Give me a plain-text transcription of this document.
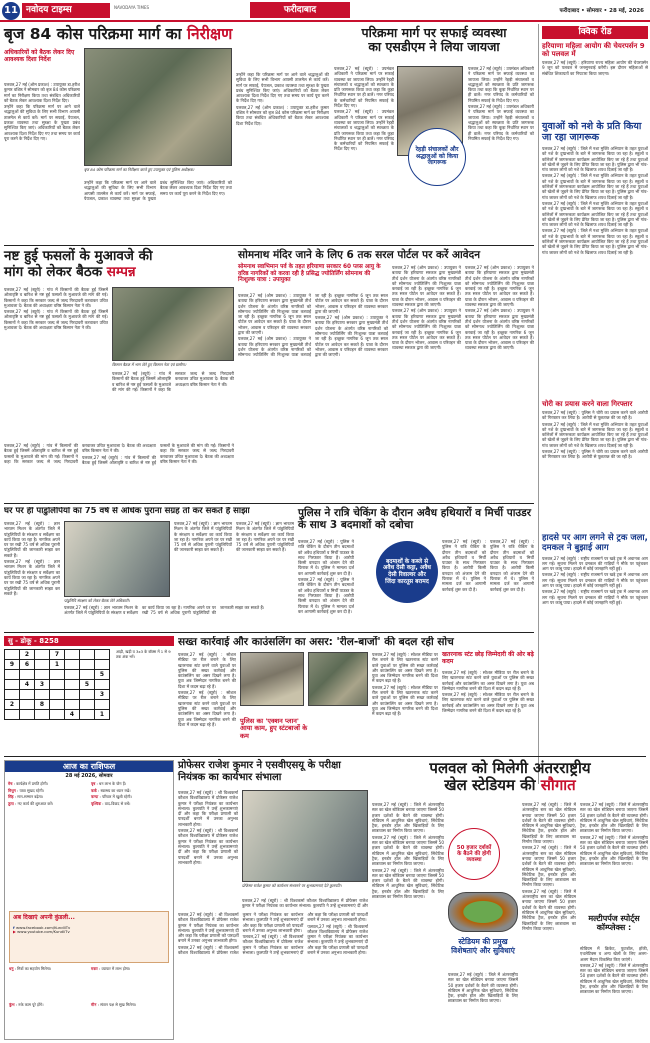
11 नवोदय टाइम्स	NAVODAYA TIMES	फरीदाबाद	फरीदाबाद • सोमवार • 28 मई, 2026
बृज 84 कोस परिक्रमा मार्ग का निरीक्षण
अधिकारियों को बैठक लेकर दिए आवश्यक दिशा निर्देश

पलवल,27 मई (ओम प्रकाश) : उपायुक्त डा.हरीश कुमार वशिष्ठ ने सोमवार को बृज 84 कोस परिक्रमा मार्ग का निरीक्षण किया तथा संबंधित अधिकारियों को बैठक लेकर आवश्यक दिशा निर्देश दिए।

उन्होंने कहा कि परिक्रमा मार्ग पर आने वाले श्रद्धालुओं की सुविधा के लिए सभी विभाग आपसी तालमेल से कार्य करें। मार्ग पर सफाई, पेयजल, प्रकाश व्यवस्था तथा सुरक्षा के पुख्ता प्रबंध सुनिश्चित किए जाएं। अधिकारियों को बैठक लेकर आवश्यक दिशा निर्देश दिए गए तथा समय पर कार्य पूरा करने के निर्देश दिए गए।

बृज 84 कोस परिक्रमा मार्ग का निरीक्षण करते हुए उपायुक्त एवं पुलिस अधीक्षक।

उन्होंने कहा कि परिक्रमा मार्ग पर आने वाले श्रद्धालुओं की सुविधा के लिए सभी विभाग आपसी तालमेल से कार्य करें। मार्ग पर सफाई, पेयजल, प्रकाश व्यवस्था तथा सुरक्षा के पुख्ता प्रबंध सुनिश्चित किए जाएं। अधिकारियों को बैठक लेकर आवश्यक दिशा निर्देश दिए गए तथा समय पर कार्य पूरा करने के निर्देश दिए गए।

उन्होंने कहा कि परिक्रमा मार्ग पर आने वाले श्रद्धालुओं की सुविधा के लिए सभी विभाग आपसी तालमेल से कार्य करें। मार्ग पर सफाई, पेयजल, प्रकाश व्यवस्था तथा सुरक्षा के पुख्ता प्रबंध सुनिश्चित किए जाएं। अधिकारियों को बैठक लेकर आवश्यक दिशा निर्देश दिए गए तथा समय पर कार्य पूरा करने के निर्देश दिए गए।

पलवल,27 मई (ओम प्रकाश) : उपायुक्त डा.हरीश कुमार वशिष्ठ ने सोमवार को बृज 84 कोस परिक्रमा मार्ग का निरीक्षण किया तथा संबंधित अधिकारियों को बैठक लेकर आवश्यक दिशा निर्देश दिए।

परिक्रमा मार्ग पर सफाई व्यवस्था
का एसडीएम ने लिया जायजा

पलवल,27 मई (ब्यूरो) : उपमंडल अधिकारी ने परिक्रमा मार्ग पर सफाई व्यवस्था का जायजा लिया। उन्होंने रेहड़ी संचालकों व श्रद्धालुओं को स्वच्छता के प्रति जागरूक किया तथा कहा कि कूड़ा निर्धारित स्थान पर ही डालें। नगर परिषद के कर्मचारियों को नियमित सफाई के निर्देश दिए गए।

पलवल,27 मई (ब्यूरो) : उपमंडल अधिकारी ने परिक्रमा मार्ग पर सफाई व्यवस्था का जायजा लिया। उन्होंने रेहड़ी संचालकों व श्रद्धालुओं को स्वच्छता के प्रति जागरूक किया तथा कहा कि कूड़ा निर्धारित स्थान पर ही डालें। नगर परिषद के कर्मचारियों को नियमित सफाई के निर्देश दिए गए।	रेहड़ी संचालकों और श्रद्धालुओं को किया जागरूक

पलवल,27 मई (ब्यूरो) : उपमंडल अधिकारी ने परिक्रमा मार्ग पर सफाई व्यवस्था का जायजा लिया। उन्होंने रेहड़ी संचालकों व श्रद्धालुओं को स्वच्छता के प्रति जागरूक किया तथा कहा कि कूड़ा निर्धारित स्थान पर ही डालें। नगर परिषद के कर्मचारियों को नियमित सफाई के निर्देश दिए गए।

पलवल,27 मई (ब्यूरो) : उपमंडल अधिकारी ने परिक्रमा मार्ग पर सफाई व्यवस्था का जायजा लिया। उन्होंने रेहड़ी संचालकों व श्रद्धालुओं को स्वच्छता के प्रति जागरूक किया तथा कहा कि कूड़ा निर्धारित स्थान पर ही डालें। नगर परिषद के कर्मचारियों को नियमित सफाई के निर्देश दिए गए।

क्विक रीड
हरियाणा महिला आयोग की चेयरपर्सन 9 को पलवल में
पलवल,27 मई (ब्यूरो) : हरियाणा राज्य महिला आयोग की चेयरपर्सन 9 जून को पलवल में जनसुनवाई करेंगी। इस दौरान महिलाओं से संबंधित शिकायतों का निपटारा किया जाएगा।
युवाओं को नशे के प्रति किया जा रहा जागरूक

पलवल,27 मई (ब्यूरो) : जिले में नशा मुक्ति अभियान के तहत युवाओं को नशे के दुष्प्रभावों के बारे में जागरूक किया जा रहा है। स्कूलों व कॉलेजों में जागरूकता कार्यक्रम आयोजित किए जा रहे हैं तथा युवाओं को खेलों से जुड़ने के लिए प्रेरित किया जा रहा है। पुलिस द्वारा भी गांव-गांव जाकर लोगों को नशे के खिलाफ शपथ दिलाई जा रही है।

पलवल,27 मई (ब्यूरो) : जिले में नशा मुक्ति अभियान के तहत युवाओं को नशे के दुष्प्रभावों के बारे में जागरूक किया जा रहा है। स्कूलों व कॉलेजों में जागरूकता कार्यक्रम आयोजित किए जा रहे हैं तथा युवाओं को खेलों से जुड़ने के लिए प्रेरित किया जा रहा है। पुलिस द्वारा भी गांव-गांव जाकर लोगों को नशे के खिलाफ शपथ दिलाई जा रही है।

पलवल,27 मई (ब्यूरो) : जिले में नशा मुक्ति अभियान के तहत युवाओं को नशे के दुष्प्रभावों के बारे में जागरूक किया जा रहा है। स्कूलों व कॉलेजों में जागरूकता कार्यक्रम आयोजित किए जा रहे हैं तथा युवाओं को खेलों से जुड़ने के लिए प्रेरित किया जा रहा है। पुलिस द्वारा भी गांव-गांव जाकर लोगों को नशे के खिलाफ शपथ दिलाई जा रही है।

पलवल,27 मई (ब्यूरो) : जिले में नशा मुक्ति अभियान के तहत युवाओं को नशे के दुष्प्रभावों के बारे में जागरूक किया जा रहा है। स्कूलों व कॉलेजों में जागरूकता कार्यक्रम आयोजित किए जा रहे हैं तथा युवाओं को खेलों से जुड़ने के लिए प्रेरित किया जा रहा है। पुलिस द्वारा भी गांव-गांव जाकर लोगों को नशे के खिलाफ शपथ दिलाई जा रही है।

चोरी का प्रयास करने वाला गिरफ्तार

पलवल,27 मई (ब्यूरो) : पुलिस ने चोरी का प्रयास करने वाले आरोपी को गिरफ्तार कर लिया है। आरोपी से पूछताछ की जा रही है।

पलवल,27 मई (ब्यूरो) : जिले में नशा मुक्ति अभियान के तहत युवाओं को नशे के दुष्प्रभावों के बारे में जागरूक किया जा रहा है। स्कूलों व कॉलेजों में जागरूकता कार्यक्रम आयोजित किए जा रहे हैं तथा युवाओं को खेलों से जुड़ने के लिए प्रेरित किया जा रहा है। पुलिस द्वारा भी गांव-गांव जाकर लोगों को नशे के खिलाफ शपथ दिलाई जा रही है।

पलवल,27 मई (ब्यूरो) : पुलिस ने चोरी का प्रयास करने वाले आरोपी को गिरफ्तार कर लिया है। आरोपी से पूछताछ की जा रही है।

हादसे पर आग लगने से ट्रक जला, दमकल ने बुझाई आग

पलवल,27 मई (ब्यूरो) : राष्ट्रीय राजमार्ग पर खड़े ट्रक में अचानक आग लग गई। सूचना मिलने पर दमकल की गाड़ियों ने मौके पर पहुंचकर आग पर काबू पाया। हादसे में कोई जानहानि नहीं हुई।

पलवल,27 मई (ब्यूरो) : राष्ट्रीय राजमार्ग पर खड़े ट्रक में अचानक आग लग गई। सूचना मिलने पर दमकल की गाड़ियों ने मौके पर पहुंचकर आग पर काबू पाया। हादसे में कोई जानहानि नहीं हुई।

पलवल,27 मई (ब्यूरो) : राष्ट्रीय राजमार्ग पर खड़े ट्रक में अचानक आग लग गई। सूचना मिलने पर दमकल की गाड़ियों ने मौके पर पहुंचकर आग पर काबू पाया। हादसे में कोई जानहानि नहीं हुई।

नष्ट हुई फसलों के मुआवजे की
मांग को लेकर बैठक सम्पन्न

पलवल,27 मई (ब्यूरो) : गांव में किसानों की बैठक हुई जिसमें ओलावृष्टि व बारिश से नष्ट हुई फसलों के मुआवजे की मांग की गई। किसानों ने कहा कि सरकार जल्द से जल्द गिरदावरी करवाकर उचित मुआवजा दे। बैठक की अध्यक्षता वरिष्ठ किसान नेता ने की।

पलवल,27 मई (ब्यूरो) : गांव में किसानों की बैठक हुई जिसमें ओलावृष्टि व बारिश से नष्ट हुई फसलों के मुआवजे की मांग की गई। किसानों ने कहा कि सरकार जल्द से जल्द गिरदावरी करवाकर उचित मुआवजा दे। बैठक की अध्यक्षता वरिष्ठ किसान नेता ने की।

किसान बैठक में भाग लेते हुए किसान नेता एवं ग्रामीण।

पलवल,27 मई (ब्यूरो) : गांव में किसानों की बैठक हुई जिसमें ओलावृष्टि व बारिश से नष्ट हुई फसलों के मुआवजे की मांग की गई। किसानों ने कहा कि सरकार जल्द से जल्द गिरदावरी करवाकर उचित मुआवजा दे। बैठक की अध्यक्षता वरिष्ठ किसान नेता ने की।

पलवल,27 मई (ब्यूरो) : गांव में किसानों की बैठक हुई जिसमें ओलावृष्टि व बारिश से नष्ट हुई फसलों के मुआवजे की मांग की गई। किसानों ने कहा कि सरकार जल्द से जल्द गिरदावरी करवाकर उचित मुआवजा दे। बैठक की अध्यक्षता वरिष्ठ किसान नेता ने की।

पलवल,27 मई (ब्यूरो) : गांव में किसानों की बैठक हुई जिसमें ओलावृष्टि व बारिश से नष्ट हुई फसलों के मुआवजे की मांग की गई। किसानों ने कहा कि सरकार जल्द से जल्द गिरदावरी करवाकर उचित मुआवजा दे। बैठक की अध्यक्षता वरिष्ठ किसान नेता ने की।

सोमनाथ मंदिर जाने के लिए 6 तक सरल पोर्टल पर करें आवेदन
सोमनाथ स्वाभिमान पर्व के तहत हरियाणा सरकार 60 प्लस आयु के वरिष्ठ नागरिकों को करवा रही है प्रसिद्ध ज्योतिर्लिंग सोमनाथ की निःशुल्क यात्रा : उपायुक्त

पलवल,27 मई (ओम प्रकाश) : उपायुक्त ने बताया कि हरियाणा सरकार द्वारा मुख्यमंत्री तीर्थ दर्शन योजना के अंतर्गत वरिष्ठ नागरिकों को सोमनाथ ज्योतिर्लिंग की निःशुल्क यात्रा करवाई जा रही है। इच्छुक नागरिक 6 जून तक सरल पोर्टल पर आवेदन कर सकते हैं। यात्रा के दौरान भोजन, आवास व परिवहन की व्यवस्था सरकार द्वारा की जाएगी।

पलवल,27 मई (ओम प्रकाश) : उपायुक्त ने बताया कि हरियाणा सरकार द्वारा मुख्यमंत्री तीर्थ दर्शन योजना के अंतर्गत वरिष्ठ नागरिकों को सोमनाथ ज्योतिर्लिंग की निःशुल्क यात्रा करवाई जा रही है। इच्छुक नागरिक 6 जून तक सरल पोर्टल पर आवेदन कर सकते हैं। यात्रा के दौरान भोजन, आवास व परिवहन की व्यवस्था सरकार द्वारा की जाएगी।

पलवल,27 मई (ओम प्रकाश) : उपायुक्त ने बताया कि हरियाणा सरकार द्वारा मुख्यमंत्री तीर्थ दर्शन योजना के अंतर्गत वरिष्ठ नागरिकों को सोमनाथ ज्योतिर्लिंग की निःशुल्क यात्रा करवाई जा रही है। इच्छुक नागरिक 6 जून तक सरल पोर्टल पर आवेदन कर सकते हैं। यात्रा के दौरान भोजन, आवास व परिवहन की व्यवस्था सरकार द्वारा की जाएगी।

पलवल,27 मई (ओम प्रकाश) : उपायुक्त ने बताया कि हरियाणा सरकार द्वारा मुख्यमंत्री तीर्थ दर्शन योजना के अंतर्गत वरिष्ठ नागरिकों को सोमनाथ ज्योतिर्लिंग की निःशुल्क यात्रा करवाई जा रही है। इच्छुक नागरिक 6 जून तक सरल पोर्टल पर आवेदन कर सकते हैं। यात्रा के दौरान भोजन, आवास व परिवहन की व्यवस्था सरकार द्वारा की जाएगी।

पलवल,27 मई (ओम प्रकाश) : उपायुक्त ने बताया कि हरियाणा सरकार द्वारा मुख्यमंत्री तीर्थ दर्शन योजना के अंतर्गत वरिष्ठ नागरिकों को सोमनाथ ज्योतिर्लिंग की निःशुल्क यात्रा करवाई जा रही है। इच्छुक नागरिक 6 जून तक सरल पोर्टल पर आवेदन कर सकते हैं। यात्रा के दौरान भोजन, आवास व परिवहन की व्यवस्था सरकार द्वारा की जाएगी।

पलवल,27 मई (ओम प्रकाश) : उपायुक्त ने बताया कि हरियाणा सरकार द्वारा मुख्यमंत्री तीर्थ दर्शन योजना के अंतर्गत वरिष्ठ नागरिकों को सोमनाथ ज्योतिर्लिंग की निःशुल्क यात्रा करवाई जा रही है। इच्छुक नागरिक 6 जून तक सरल पोर्टल पर आवेदन कर सकते हैं। यात्रा के दौरान भोजन, आवास व परिवहन की व्यवस्था सरकार द्वारा की जाएगी।

पलवल,27 मई (ओम प्रकाश) : उपायुक्त ने बताया कि हरियाणा सरकार द्वारा मुख्यमंत्री तीर्थ दर्शन योजना के अंतर्गत वरिष्ठ नागरिकों को सोमनाथ ज्योतिर्लिंग की निःशुल्क यात्रा करवाई जा रही है। इच्छुक नागरिक 6 जून तक सरल पोर्टल पर आवेदन कर सकते हैं। यात्रा के दौरान भोजन, आवास व परिवहन की व्यवस्था सरकार द्वारा की जाएगी।

घर पर ही पांडुलिपियों का 75 वर्ष से अधिक पुराना संग्रह तो कर सकते हैं साझा

पलवल,27 मई (ब्यूरो) : ज्ञान भारतम मिशन के अंतर्गत जिले में पांडुलिपियों के संरक्षण व सर्वेक्षण का कार्य किया जा रहा है। नागरिक अपने घर पर रखी 75 वर्ष से अधिक पुरानी पांडुलिपियों की जानकारी साझा कर सकते हैं।

पलवल,27 मई (ब्यूरो) : ज्ञान भारतम मिशन के अंतर्गत जिले में पांडुलिपियों के संरक्षण व सर्वेक्षण का कार्य किया जा रहा है। नागरिक अपने घर पर रखी 75 वर्ष से अधिक पुरानी पांडुलिपियों की जानकारी साझा कर सकते हैं।

पलवल,27 मई (ब्यूरो) : ज्ञान भारतम मिशन के अंतर्गत जिले में पांडुलिपियों के संरक्षण व सर्वेक्षण का कार्य किया जा रहा है। नागरिक अपने घर पर रखी 75 वर्ष से अधिक पुरानी पांडुलिपियों की जानकारी साझा कर सकते हैं।

पलवल,27 मई (ब्यूरो) : ज्ञान भारतम मिशन के अंतर्गत जिले में पांडुलिपियों के संरक्षण व सर्वेक्षण का कार्य किया जा रहा है। नागरिक अपने घर पर रखी 75 वर्ष से अधिक पुरानी पांडुलिपियों की जानकारी साझा कर सकते हैं।

पांडुलिपि संरक्षण को लेकर बैठक लेते अधिकारी।

पलवल,27 मई (ब्यूरो) : ज्ञान भारतम मिशन के अंतर्गत जिले में पांडुलिपियों के संरक्षण व सर्वेक्षण का कार्य किया जा रहा है। नागरिक अपने घर पर रखी 75 वर्ष से अधिक पुरानी पांडुलिपियों की जानकारी साझा कर सकते हैं।

पुलिस ने रात्रि चेकिंग के दौरान अवैध हथियारों व मिर्ची पाउडर के साथ 3 बदमाशों को दबोचा

पलवल,27 मई (ब्यूरो) : पुलिस ने रात्रि चेकिंग के दौरान तीन बदमाशों को अवैध हथियारों व मिर्ची पाउडर के साथ गिरफ्तार किया है। आरोपी किसी वारदात को अंजाम देने की फिराक में थे। पुलिस ने मामला दर्ज कर आगामी कार्रवाई शुरू कर दी है।

पलवल,27 मई (ब्यूरो) : पुलिस ने रात्रि चेकिंग के दौरान तीन बदमाशों को अवैध हथियारों व मिर्ची पाउडर के साथ गिरफ्तार किया है। आरोपी किसी वारदात को अंजाम देने की फिराक में थे। पुलिस ने मामला दर्ज कर आगामी कार्रवाई शुरू कर दी है।

बदमाशों के कब्जे से अवैध देसी कट्टा, अवैध देसी रिवाल्वर और जिंदा कारतूस बरामद

पलवल,27 मई (ब्यूरो) : पुलिस ने रात्रि चेकिंग के दौरान तीन बदमाशों को अवैध हथियारों व मिर्ची पाउडर के साथ गिरफ्तार किया है। आरोपी किसी वारदात को अंजाम देने की फिराक में थे। पुलिस ने मामला दर्ज कर आगामी कार्रवाई शुरू कर दी है।

पलवल,27 मई (ब्यूरो) : पुलिस ने रात्रि चेकिंग के दौरान तीन बदमाशों को अवैध हथियारों व मिर्ची पाउडर के साथ गिरफ्तार किया है। आरोपी किसी वारदात को अंजाम देने की फिराक में थे। पुलिस ने मामला दर्ज कर आगामी कार्रवाई शुरू कर दी है।

सु - डोकू - 8258
	2		7			
9	6		1			
						5
	4	3			5	
						3
2		8				
				4		1
आड़ी, खड़ी व 3x3 के बॉक्स में 1 से 9 तक अंक भरें।
सख्त कार्रवाई और काउंसलिंग का असर: 'रील-बाजों' की बदल रही सोच

पलवल,27 मई (ब्यूरो) : सोशल मीडिया पर रील बनाने के लिए खतरनाक स्टंट करने वाले युवाओं पर पुलिस की सख्त कार्रवाई और काउंसलिंग का असर दिखने लगा है। युवा अब जिम्मेदार नागरिक बनने की दिशा में कदम बढ़ा रहे हैं।

पलवल,27 मई (ब्यूरो) : सोशल मीडिया पर रील बनाने के लिए खतरनाक स्टंट करने वाले युवाओं पर पुलिस की सख्त कार्रवाई और काउंसलिंग का असर दिखने लगा है। युवा अब जिम्मेदार नागरिक बनने की दिशा में कदम बढ़ा रहे हैं।	पुलिस का 'एक्शन प्लान' आया काम, हुए स्टंटबाजों के कम

पलवल,27 मई (ब्यूरो) : सोशल मीडिया पर रील बनाने के लिए खतरनाक स्टंट करने वाले युवाओं पर पुलिस की सख्त कार्रवाई और काउंसलिंग का असर दिखने लगा है। युवा अब जिम्मेदार नागरिक बनने की दिशा में कदम बढ़ा रहे हैं।

पलवल,27 मई (ब्यूरो) : सोशल मीडिया पर रील बनाने के लिए खतरनाक स्टंट करने वाले युवाओं पर पुलिस की सख्त कार्रवाई और काउंसलिंग का असर दिखने लगा है। युवा अब जिम्मेदार नागरिक बनने की दिशा में कदम बढ़ा रहे हैं।

खतरनाक स्टंट छोड़ जिम्मेदारी की ओर बढ़े कदम

पलवल,27 मई (ब्यूरो) : सोशल मीडिया पर रील बनाने के लिए खतरनाक स्टंट करने वाले युवाओं पर पुलिस की सख्त कार्रवाई और काउंसलिंग का असर दिखने लगा है। युवा अब जिम्मेदार नागरिक बनने की दिशा में कदम बढ़ा रहे हैं।

पलवल,27 मई (ब्यूरो) : सोशल मीडिया पर रील बनाने के लिए खतरनाक स्टंट करने वाले युवाओं पर पुलिस की सख्त कार्रवाई और काउंसलिंग का असर दिखने लगा है। युवा अब जिम्मेदार नागरिक बनने की दिशा में कदम बढ़ा रहे हैं।

आज का राशिफल
28 मई 2026, सोमवार
मेष : कार्यक्षेत्र में प्रगति होगी।	वृष : धन लाभ के योग हैं।
मिथुन : यात्रा सुखद रहेगी।	कर्क : स्वास्थ्य का ध्यान रखें।
सिंह : मान-सम्मान बढ़ेगा।	कन्या : परिवार में खुशी रहेगी।
तुला : नए कार्य की शुरुआत करें।	वृश्चिक : वाद-विवाद से बचें।
अब दिखाएं अपनी कुंडली...
f www.facebook.com/KundliTv
▶ www.youtube.com/KundliTv
धनु : मित्रों का सहयोग मिलेगा।	मकर : व्यापार में लाभ होगा।
कुंभ : रुके काम पूरे होंगे।	मीन : संतान पक्ष से सुख मिलेगा।
प्रोफेसर राजेश कुमार ने एसवीएसयू के परीक्षा नियंत्रक का कार्यभार संभाला

पलवल,27 मई (ब्यूरो) : श्री विश्वकर्मा कौशल विश्वविद्यालय में प्रोफेसर राजेश कुमार ने परीक्षा नियंत्रक का कार्यभार संभाला। कुलपति ने उन्हें शुभकामनाएं दीं और कहा कि परीक्षा प्रणाली को पारदर्शी बनाने में उनका अनुभव लाभकारी होगा।

पलवल,27 मई (ब्यूरो) : श्री विश्वकर्मा कौशल विश्वविद्यालय में प्रोफेसर राजेश कुमार ने परीक्षा नियंत्रक का कार्यभार संभाला। कुलपति ने उन्हें शुभकामनाएं दीं और कहा कि परीक्षा प्रणाली को पारदर्शी बनाने में उनका अनुभव लाभकारी होगा।

प्रोफेसर राजेश कुमार को कार्यभार संभालने पर शुभकामनाएं देते कुलपति।

पलवल,27 मई (ब्यूरो) : श्री विश्वकर्मा कौशल विश्वविद्यालय में प्रोफेसर राजेश कुमार ने परीक्षा नियंत्रक का कार्यभार संभाला। कुलपति ने उन्हें शुभकामनाएं दीं और

पलवल,27 मई (ब्यूरो) : श्री विश्वकर्मा कौशल विश्वविद्यालय में प्रोफेसर राजेश कुमार ने परीक्षा नियंत्रक का कार्यभार संभाला। कुलपति ने उन्हें शुभकामनाएं दीं और कहा कि परीक्षा प्रणाली को पारदर्शी बनाने में उनका अनुभव लाभकारी होगा।

पलवल,27 मई (ब्यूरो) : श्री विश्वकर्मा कौशल विश्वविद्यालय में प्रोफेसर राजेश कुमार ने परीक्षा नियंत्रक का कार्यभार संभाला। कुलपति ने उन्हें शुभकामनाएं दीं और कहा कि परीक्षा प्रणाली को पारदर्शी बनाने में उनका अनुभव लाभकारी होगा।

पलवल,27 मई (ब्यूरो) : श्री विश्वकर्मा कौशल विश्वविद्यालय में प्रोफेसर राजेश कुमार ने परीक्षा नियंत्रक का कार्यभार संभाला। कुलपति ने उन्हें शुभकामनाएं दीं और कहा कि परीक्षा प्रणाली को पारदर्शी बनाने में उनका अनुभव लाभकारी होगा।

पलवल,27 मई (ब्यूरो) : श्री विश्वकर्मा कौशल विश्वविद्यालय में प्रोफेसर राजेश कुमार ने परीक्षा नियंत्रक का कार्यभार संभाला। कुलपति ने उन्हें शुभकामनाएं दीं और कहा कि परीक्षा प्रणाली को पारदर्शी बनाने में उनका अनुभव लाभकारी होगा।

पलवल को मिलेगी अंतरराष्ट्रीय
खेल स्टेडियम की सौगात

पलवल,27 मई (ब्यूरो) : जिले में अंतरराष्ट्रीय स्तर का खेल स्टेडियम बनाया जाएगा जिसमें 50 हजार दर्शकों के बैठने की व्यवस्था होगी। स्टेडियम में आधुनिक खेल सुविधाएं, सिंथेटिक ट्रैक, इनडोर हॉल और खिलाड़ियों के लिए छात्रावास का निर्माण किया जाएगा।

पलवल,27 मई (ब्यूरो) : जिले में अंतरराष्ट्रीय स्तर का खेल स्टेडियम बनाया जाएगा जिसमें 50 हजार दर्शकों के बैठने की व्यवस्था होगी। स्टेडियम में आधुनिक खेल सुविधाएं, सिंथेटिक ट्रैक, इनडोर हॉल और खिलाड़ियों के लिए छात्रावास का निर्माण किया जाएगा।

पलवल,27 मई (ब्यूरो) : जिले में अंतरराष्ट्रीय स्तर का खेल स्टेडियम बनाया जाएगा जिसमें 50 हजार दर्शकों के बैठने की व्यवस्था होगी। स्टेडियम में आधुनिक खेल सुविधाएं, सिंथेटिक ट्रैक, इनडोर हॉल और खिलाड़ियों के लिए छात्रावास का निर्माण किया जाएगा।

50 हजार दर्शकों के बैठने की होगी व्यवस्था
स्टेडियम की प्रमुख विशेषताएं और सुविधाएं

पलवल,27 मई (ब्यूरो) : जिले में अंतरराष्ट्रीय स्तर का खेल स्टेडियम बनाया जाएगा जिसमें 50 हजार दर्शकों के बैठने की व्यवस्था होगी। स्टेडियम में आधुनिक खेल सुविधाएं, सिंथेटिक ट्रैक, इनडोर हॉल और खिलाड़ियों के लिए छात्रावास का निर्माण किया जाएगा।

पलवल,27 मई (ब्यूरो) : जिले में अंतरराष्ट्रीय स्तर का खेल स्टेडियम बनाया जाएगा जिसमें 50 हजार दर्शकों के बैठने की व्यवस्था होगी। स्टेडियम में आधुनिक खेल सुविधाएं, सिंथेटिक ट्रैक, इनडोर हॉल और खिलाड़ियों के लिए छात्रावास का निर्माण किया जाएगा।

पलवल,27 मई (ब्यूरो) : जिले में अंतरराष्ट्रीय स्तर का खेल स्टेडियम बनाया जाएगा जिसमें 50 हजार दर्शकों के बैठने की व्यवस्था होगी। स्टेडियम में आधुनिक खेल सुविधाएं, सिंथेटिक ट्रैक, इनडोर हॉल और खिलाड़ियों के लिए छात्रावास का निर्माण किया जाएगा।

पलवल,27 मई (ब्यूरो) : जिले में अंतरराष्ट्रीय स्तर का खेल स्टेडियम बनाया जाएगा जिसमें 50 हजार दर्शकों के बैठने की व्यवस्था होगी। स्टेडियम में आधुनिक खेल सुविधाएं, सिंथेटिक ट्रैक, इनडोर हॉल और खिलाड़ियों के लिए छात्रावास का निर्माण किया जाएगा।

पलवल,27 मई (ब्यूरो) : जिले में अंतरराष्ट्रीय स्तर का खेल स्टेडियम बनाया जाएगा जिसमें 50 हजार दर्शकों के बैठने की व्यवस्था होगी। स्टेडियम में आधुनिक खेल सुविधाएं, सिंथेटिक ट्रैक, इनडोर हॉल और खिलाड़ियों के लिए छात्रावास का निर्माण किया जाएगा।

पलवल,27 मई (ब्यूरो) : जिले में अंतरराष्ट्रीय स्तर का खेल स्टेडियम बनाया जाएगा जिसमें 50 हजार दर्शकों के बैठने की व्यवस्था होगी। स्टेडियम में आधुनिक खेल सुविधाएं, सिंथेटिक ट्रैक, इनडोर हॉल और खिलाड़ियों के लिए छात्रावास का निर्माण किया जाएगा।

मल्टीपर्पज स्पोर्ट्स कॉम्प्लेक्स :

स्टेडियम में क्रिकेट, फुटबॉल, हॉकी, एथलेटिक्स व अन्य खेलों के लिए अलग-अलग मैदान विकसित किए जाएंगे।

पलवल,27 मई (ब्यूरो) : जिले में अंतरराष्ट्रीय स्तर का खेल स्टेडियम बनाया जाएगा जिसमें 50 हजार दर्शकों के बैठने की व्यवस्था होगी। स्टेडियम में आधुनिक खेल सुविधाएं, सिंथेटिक ट्रैक, इनडोर हॉल और खिलाड़ियों के लिए छात्रावास का निर्माण किया जाएगा।
